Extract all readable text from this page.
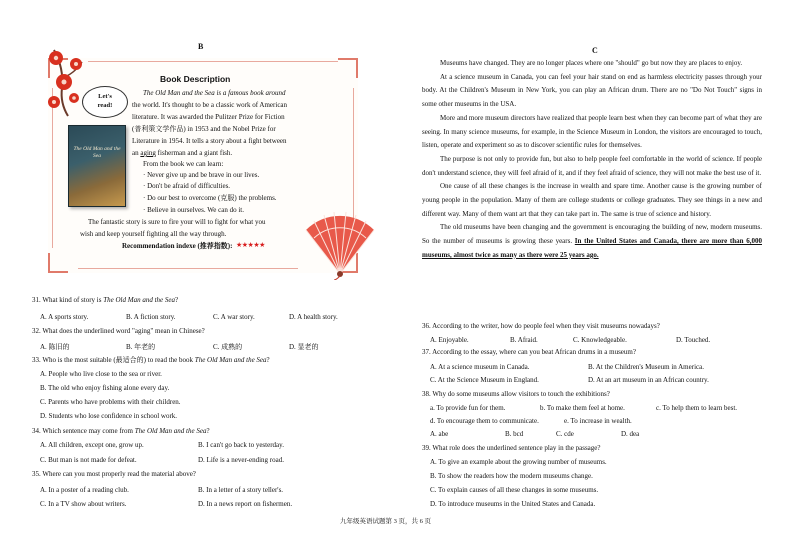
B
Let's
read!
Book Description
The Old Man and the Sea
The Old Man and the Sea is a famous book around
the world. It's thought to be a classic work of American
literature. It was awarded the Pulitzer Prize for Fiction
(普利策文学作品) in 1953 and the Nobel Prize for
Literature in 1954. It tells a story about a fight between
an aging fisherman and a giant fish.
From the book we can learn:
· Never give up and be brave in our lives.
· Don't be afraid of difficulties.
· Do our best to overcome (克服) the problems.
· Believe in ourselves. We can do it.
The fantastic story is sure to fire your will to fight for what you
wish and keep yourself fighting all the way through.
Recommendation indexe (推荐指数): ★★★★★
31. What kind of story is The Old Man and the Sea?
A. A sports story.	B. A fiction story.	C. A war story.	D. A health story.
32. What does the underlined word "aging" mean in Chinese?
A. 陈旧的	B. 年老的	C. 成熟的	D. 显老的
33. Who is the most suitable (最适合的) to read the book The Old Man and the Sea?
A. People who live close to the sea or river.
B. The old who enjoy fishing alone every day.
C. Parents who have problems with their children.
D. Students who lose confidence in school work.
34. Which sentence may come from The Old Man and the Sea?
A. All children, except one, grow up.	B. I can't go back to yesterday.
C. But man is not made for defeat.	D. Life is a never-ending road.
35. Where can you most properly read the material above?
A. In a poster of a reading club.	B. In a letter of a story teller's.
C. In a TV show about writers.	D. In a news report on fishermen.
C
Museums have changed. They are no longer places where one "should" go but now they are places to enjoy.
At a science museum in Canada, you can feel your hair stand on end as harmless electricity passes through your body. At the Children's Museum in New York, you can play an African drum. There are no "Do Not Touch" signs in some other museums in the USA.
More and more museum directors have realized that people learn best when they can become part of what they are seeing. In many science museums, for example, in the Science Museum in London, the visitors are encouraged to touch, listen, operate and experiment so as to discover scientific rules for themselves.
The purpose is not only to provide fun, but also to help people feel comfortable in the world of science. If people don't understand science, they will feel afraid of it, and if they feel afraid of science, they will not make the best use of it.
One cause of all these changes is the increase in wealth and spare time. Another cause is the growing number of young people in the population. Many of them are college students or college graduates. They see things in a new and different way. Many of them want art that they can take part in. The same is true of science and history.
The old museums have been changing and the government is encouraging the building of new, modern museums. So the number of museums is growing these years. In the United States and Canada, there are more than 6,000 museums, almost twice as many as there were 25 years ago.
36. According to the writer, how do people feel when they visit museums nowadays?
A. Enjoyable.	B. Afraid.	C. Knowledgeable.	D. Touched.
37. According to the essay, where can you beat African drums in a museum?
A. At a science museum in Canada.	B. At the Children's Museum in America.
C. At the Science Museum in England.	D. At an art museum in an African country.
38. Why do some museums allow visitors to touch the exhibitions?
a. To provide fun for them.	b. To make them feel at home.	c. To help them to learn best.
d. To encourage them to communicate.	e. To increase in wealth.
A. abe	B. bcd	C. cde	D. dea
39. What role does the underlined sentence play in the passage?
A. To give an example about the growing number of museums.
B. To show the readers how the modern museums change.
C. To explain causes of all these changes in some museums.
D. To introduce museums in the United States and Canada.
九年级英语试题第 3 页，共 6 页
